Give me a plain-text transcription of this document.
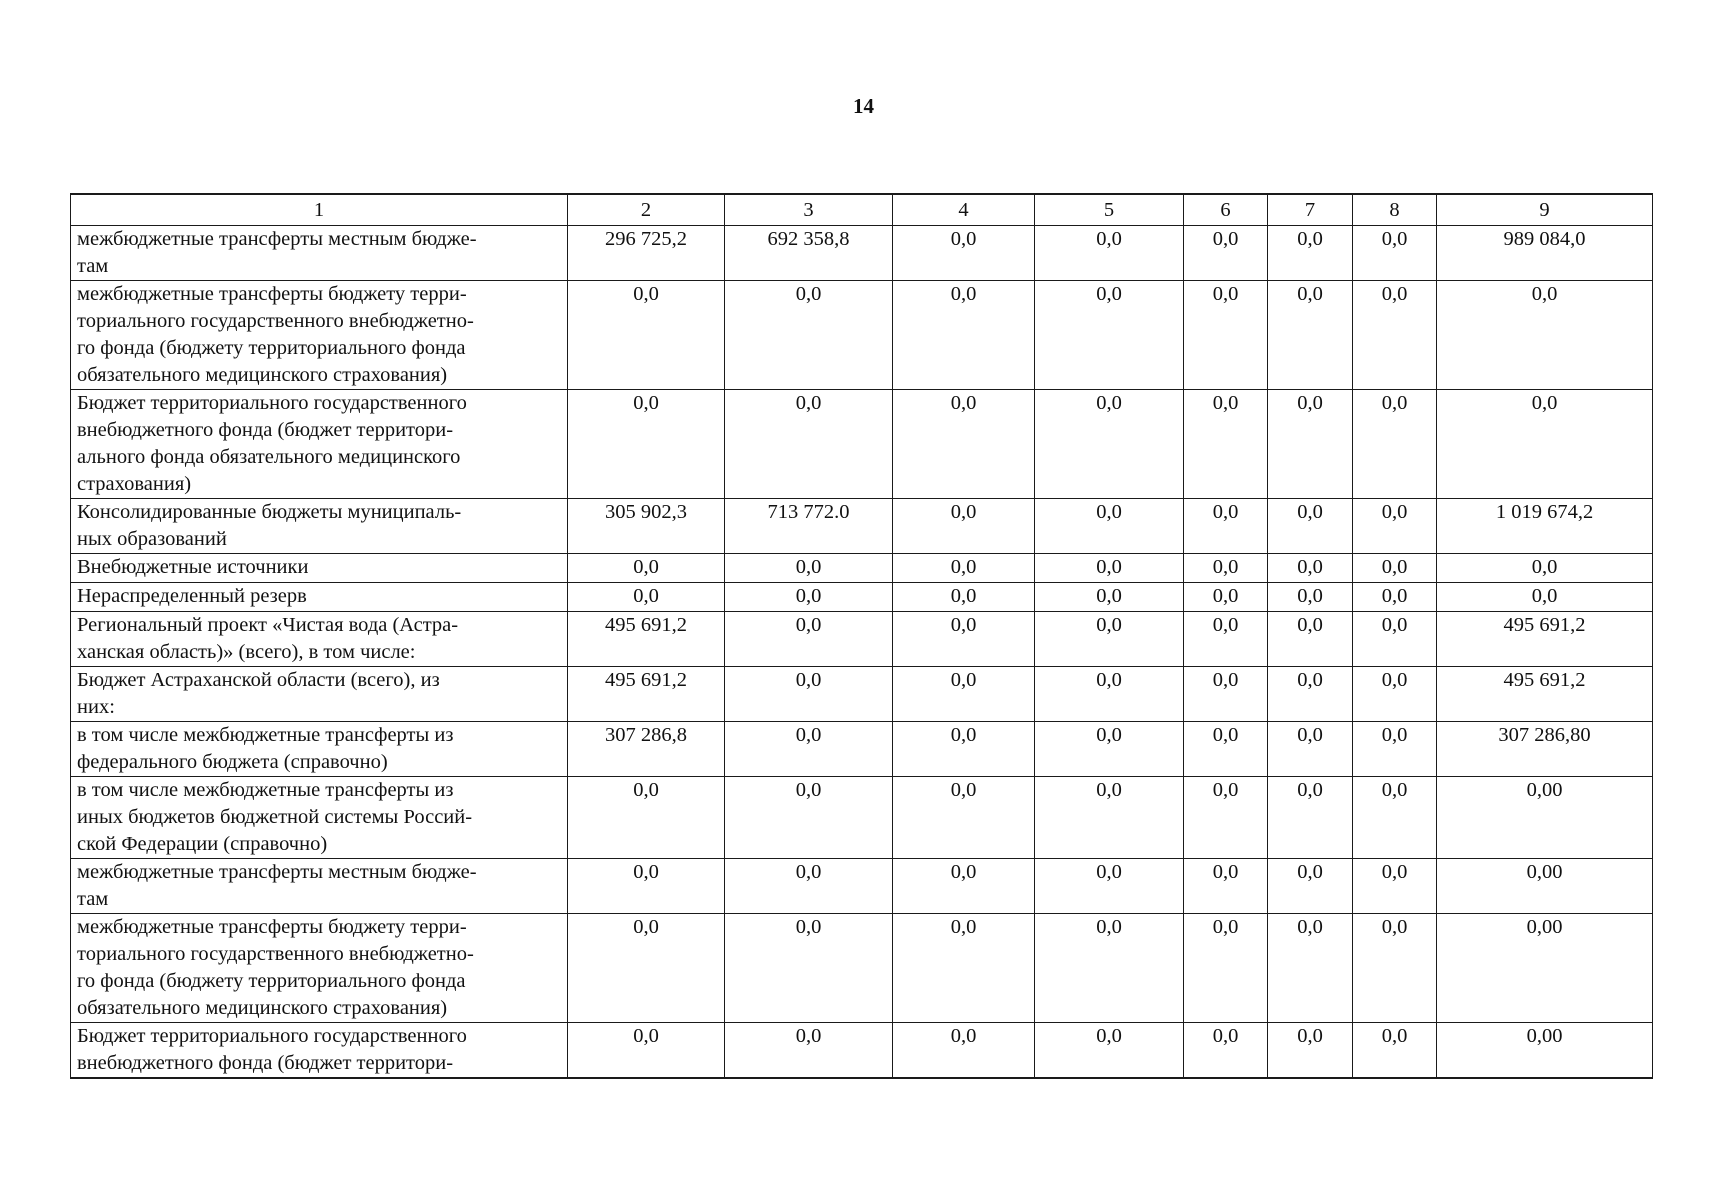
14
1	2	3	4	5	6	7	8	9
межбюджетные трансферты местным бюдже-
там	296 725,2	692 358,8	0,0	0,0	0,0	0,0	0,0	989 084,0
межбюджетные трансферты бюджету терри-
ториального государственного внебюджетно-
го фонда (бюджету территориального фонда
обязательного медицинского страхования)	0,0	0,0	0,0	0,0	0,0	0,0	0,0	0,0
Бюджет территориального государственного
внебюджетного фонда (бюджет территори-
ального фонда обязательного медицинского
страхования)	0,0	0,0	0,0	0,0	0,0	0,0	0,0	0,0
Консолидированные бюджеты муниципаль-
ных образований	305 902,3	713 772.0	0,0	0,0	0,0	0,0	0,0	1 019 674,2
Внебюджетные источники	0,0	0,0	0,0	0,0	0,0	0,0	0,0	0,0
Нераспределенный резерв	0,0	0,0	0,0	0,0	0,0	0,0	0,0	0,0
Региональный проект «Чистая вода (Астра-
ханская область)» (всего), в том числе:	495 691,2	0,0	0,0	0,0	0,0	0,0	0,0	495 691,2
Бюджет Астраханской области (всего), из
них:	495 691,2	0,0	0,0	0,0	0,0	0,0	0,0	495 691,2
в том числе межбюджетные трансферты из
федерального бюджета (справочно)	307 286,8	0,0	0,0	0,0	0,0	0,0	0,0	307 286,80
в том числе межбюджетные трансферты из
иных бюджетов бюджетной системы Россий-
ской Федерации (справочно)	0,0	0,0	0,0	0,0	0,0	0,0	0,0	0,00
межбюджетные трансферты местным бюдже-
там	0,0	0,0	0,0	0,0	0,0	0,0	0,0	0,00
межбюджетные трансферты бюджету терри-
ториального государственного внебюджетно-
го фонда (бюджету территориального фонда
обязательного медицинского страхования)	0,0	0,0	0,0	0,0	0,0	0,0	0,0	0,00
Бюджет территориального государственного
внебюджетного фонда (бюджет территори-	0,0	0,0	0,0	0,0	0,0	0,0	0,0	0,00
